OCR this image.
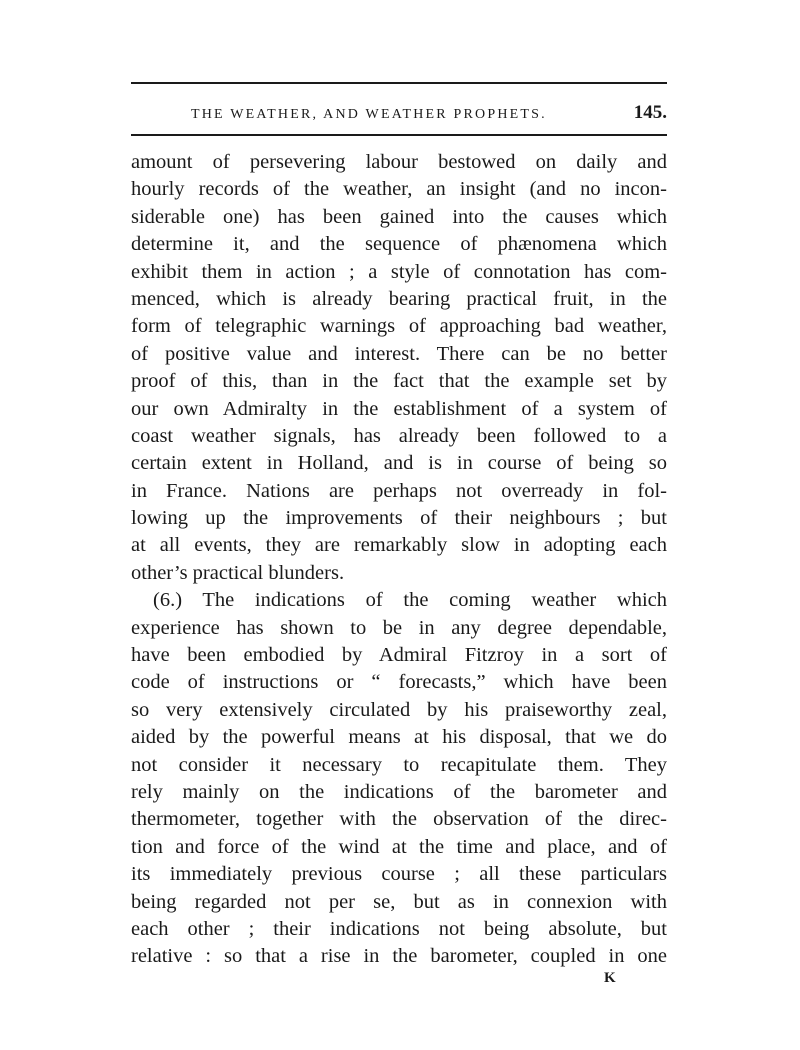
THE WEATHER, AND WEATHER PROPHETS.	145.
amount of persevering labour bestowed on daily and
hourly records of the weather, an insight (and no incon-
siderable one) has been gained into the causes which
determine it, and the sequence of phænomena which
exhibit them in action ; a style of connotation has com-
menced, which is already bearing practical fruit, in the
form of telegraphic warnings of approaching bad weather,
of positive value and interest. There can be no better
proof of this, than in the fact that the example set by
our own Admiralty in the establishment of a system of
coast weather signals, has already been followed to a
certain extent in Holland, and is in course of being so
in France. Nations are perhaps not overready in fol-
lowing up the improvements of their neighbours ; but
at all events, they are remarkably slow in adopting each
other’s practical blunders.
(6.) The indications of the coming weather which
experience has shown to be in any degree dependable,
have been embodied by Admiral Fitzroy in a sort of
code of instructions or “ forecasts,” which have been
so very extensively circulated by his praiseworthy zeal,
aided by the powerful means at his disposal, that we do
not consider it necessary to recapitulate them. They
rely mainly on the indications of the barometer and
thermometer, together with the observation of the direc-
tion and force of the wind at the time and place, and of
its immediately previous course ; all these particulars
being regarded not per se, but as in connexion with
each other ; their indications not being absolute, but
relative : so that a rise in the barometer, coupled in one
K
